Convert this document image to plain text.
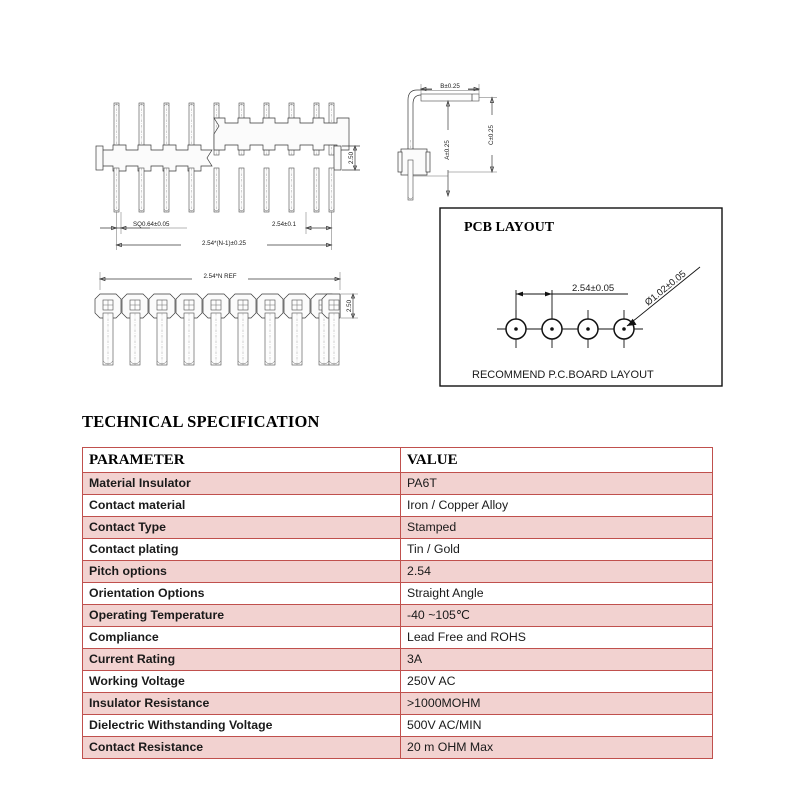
2.50
SQ0.64±0.05	2.54±0.1
2.54*(N-1)±0.25
B±0.25
A±0.25
C±0.25
2.54*N REF
2.50
PCB LAYOUT
2.54±0.05	Ø1.02±0.05
RECOMMEND P.C.BOARD LAYOUT
TECHNICAL SPECIFICATION
PARAMETER	VALUE
Material Insulator	PA6T
Contact material	Iron / Copper Alloy
Contact Type	Stamped
Contact plating	Tin / Gold
Pitch options	2.54
Orientation Options	Straight Angle
Operating Temperature	-40 ~105℃
Compliance	Lead Free and ROHS
Current Rating	3A
Working Voltage	250V AC
Insulator Resistance	>1000MOHM
Dielectric Withstanding Voltage	500V AC/MIN
Contact Resistance	20 m OHM Max
